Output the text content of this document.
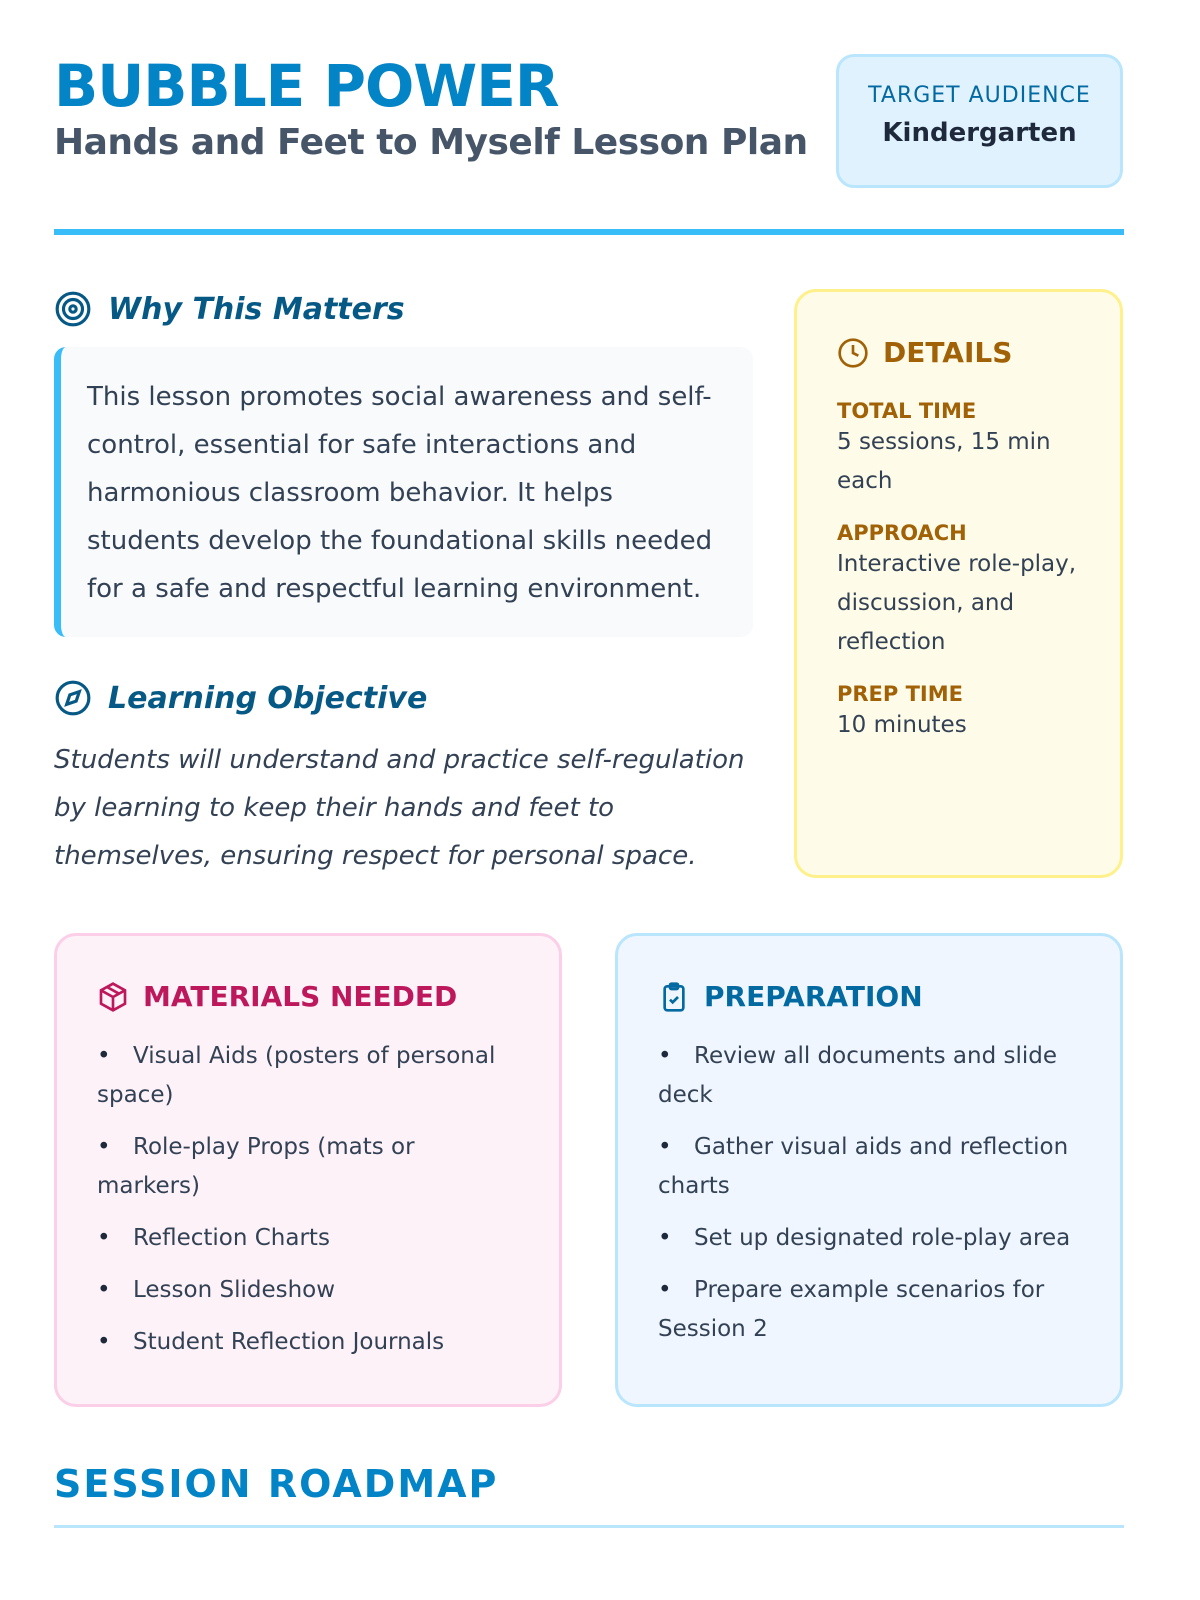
BUBBLE POWER
Hands and Feet to Myself Lesson Plan
TARGET AUDIENCE
Kindergarten
Why This Matters
This lesson promotes social awareness and self-control, essential for safe interactions and harmonious classroom behavior. It helps students develop the foundational skills needed for a safe and respectful learning environment.
Learning Objective
Students will understand and practice self-regulation by learning to keep their hands and feet to themselves, ensuring respect for personal space.
DETAILS
TOTAL TIME
5 sessions, 15 min each
APPROACH
Interactive role-play, discussion, and reflection
PREP TIME
10 minutes
MATERIALS NEEDED
• Visual Aids (posters of personal space)
• Role-play Props (mats or markers)
• Reflection Charts
• Lesson Slideshow
• Student Reflection Journals
PREPARATION
• Review all documents and slide deck
• Gather visual aids and reflection charts
• Set up designated role-play area
• Prepare example scenarios for Session 2
SESSION ROADMAP
